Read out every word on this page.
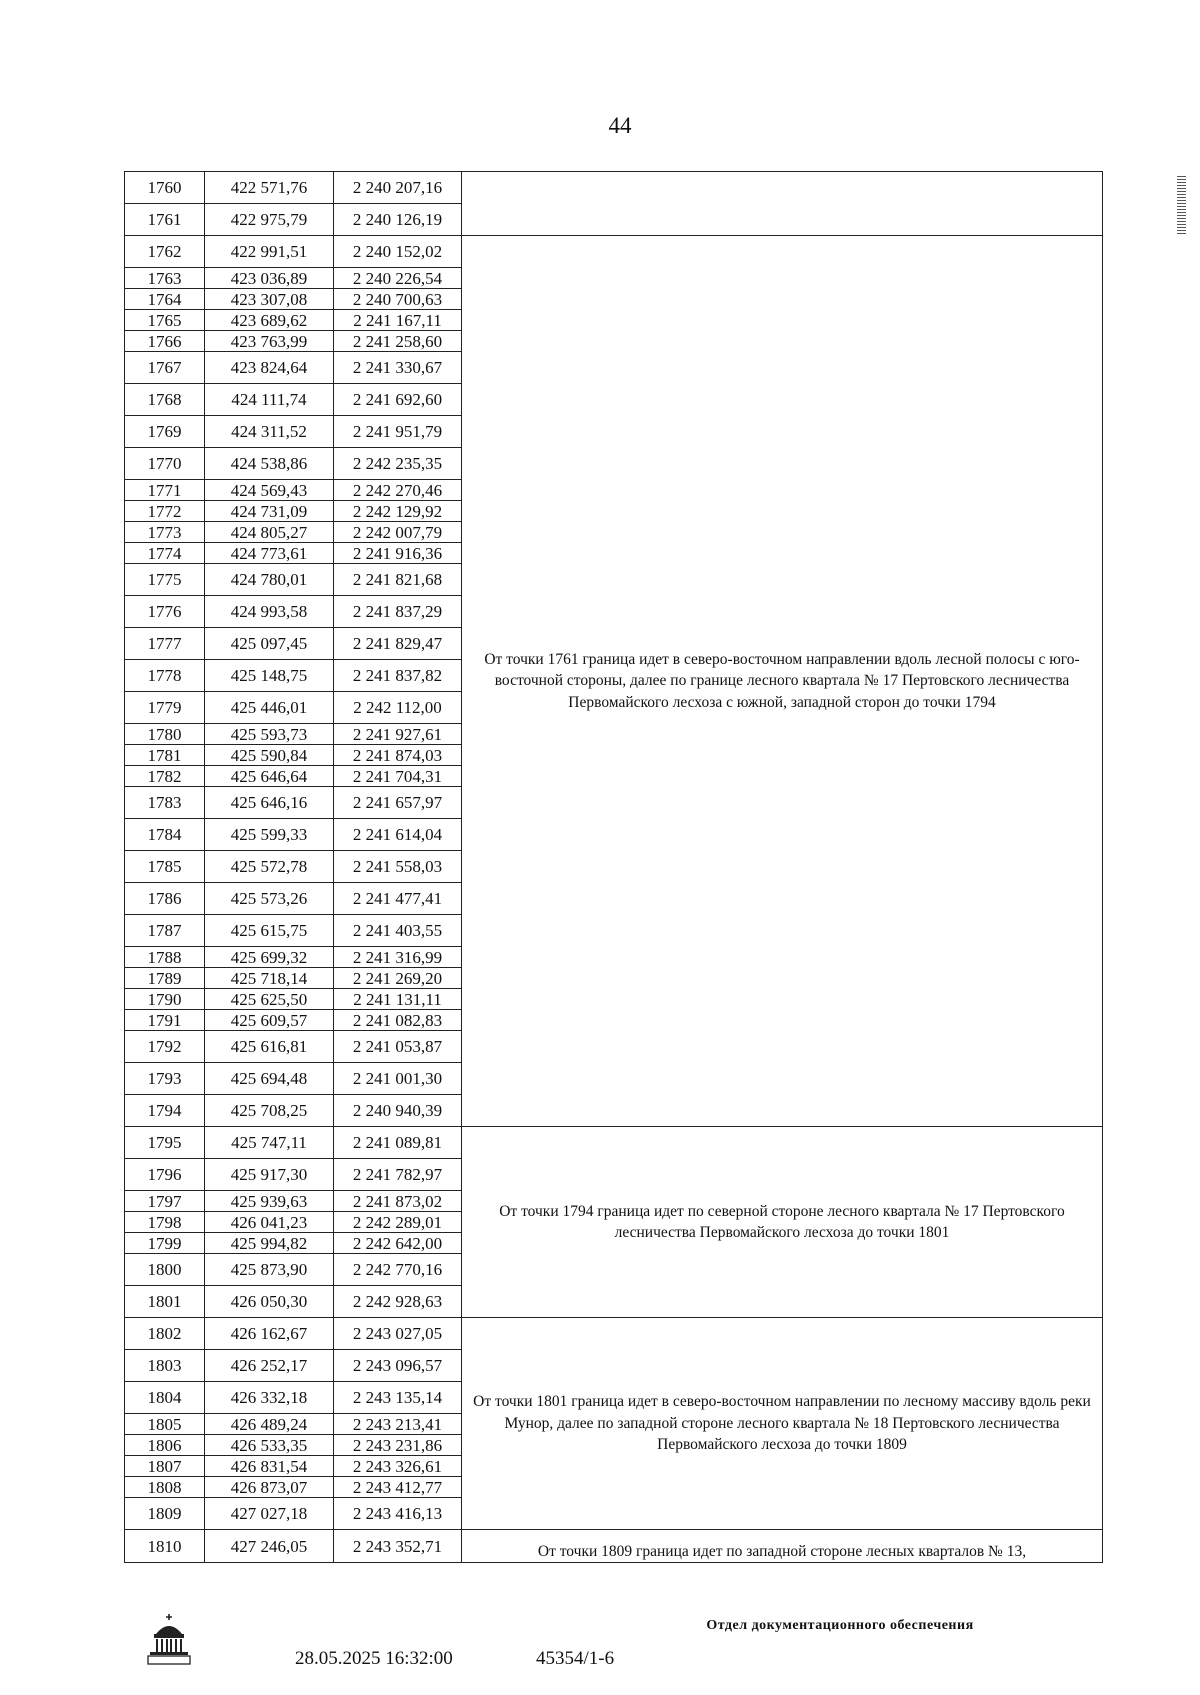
44
1760	422 571,76	2 240 207,16	
1761	422 975,79	2 240 126,19	
1762	422 991,51	2 240 152,02	От точки 1761 граница идет в северо-восточном направлении вдоль лесной полосы с юго-восточной стороны, далее по границе лесного квартала № 17 Пертовского лесничества Первомайского лесхоза с южной, западной сторон до точки 1794
1763	423 036,89	2 240 226,54	
1764	423 307,08	2 240 700,63	
1765	423 689,62	2 241 167,11	
1766	423 763,99	2 241 258,60	
1767	423 824,64	2 241 330,67	
1768	424 111,74	2 241 692,60	
1769	424 311,52	2 241 951,79	
1770	424 538,86	2 242 235,35	
1771	424 569,43	2 242 270,46	
1772	424 731,09	2 242 129,92	
1773	424 805,27	2 242 007,79	
1774	424 773,61	2 241 916,36	
1775	424 780,01	2 241 821,68	
1776	424 993,58	2 241 837,29	
1777	425 097,45	2 241 829,47	
1778	425 148,75	2 241 837,82	
1779	425 446,01	2 242 112,00	
1780	425 593,73	2 241 927,61	
1781	425 590,84	2 241 874,03	
1782	425 646,64	2 241 704,31	
1783	425 646,16	2 241 657,97	
1784	425 599,33	2 241 614,04	
1785	425 572,78	2 241 558,03	
1786	425 573,26	2 241 477,41	
1787	425 615,75	2 241 403,55	
1788	425 699,32	2 241 316,99	
1789	425 718,14	2 241 269,20	
1790	425 625,50	2 241 131,11	
1791	425 609,57	2 241 082,83	
1792	425 616,81	2 241 053,87	
1793	425 694,48	2 241 001,30	
1794	425 708,25	2 240 940,39	
1795	425 747,11	2 241 089,81	От точки 1794 граница идет по северной стороне лесного квартала № 17 Пертовского лесничества Первомайского лесхоза до точки 1801
1796	425 917,30	2 241 782,97	
1797	425 939,63	2 241 873,02	
1798	426 041,23	2 242 289,01	
1799	425 994,82	2 242 642,00	
1800	425 873,90	2 242 770,16	
1801	426 050,30	2 242 928,63	
1802	426 162,67	2 243 027,05	От точки 1801 граница идет в северо-восточном направлении по лесному массиву вдоль реки Мунор, далее по западной стороне лесного квартала № 18 Пертовского лесничества Первомайского лесхоза до точки 1809
1803	426 252,17	2 243 096,57	
1804	426 332,18	2 243 135,14	
1805	426 489,24	2 243 213,41	
1806	426 533,35	2 243 231,86	
1807	426 831,54	2 243 326,61	
1808	426 873,07	2 243 412,77	
1809	427 027,18	2 243 416,13	
1810	427 246,05	2 243 352,71	От точки 1809 граница идет по западной стороне лесных кварталов № 13,
28.05.2025 16:32:00	45354/1-6
Отдел документационного обеспечения
